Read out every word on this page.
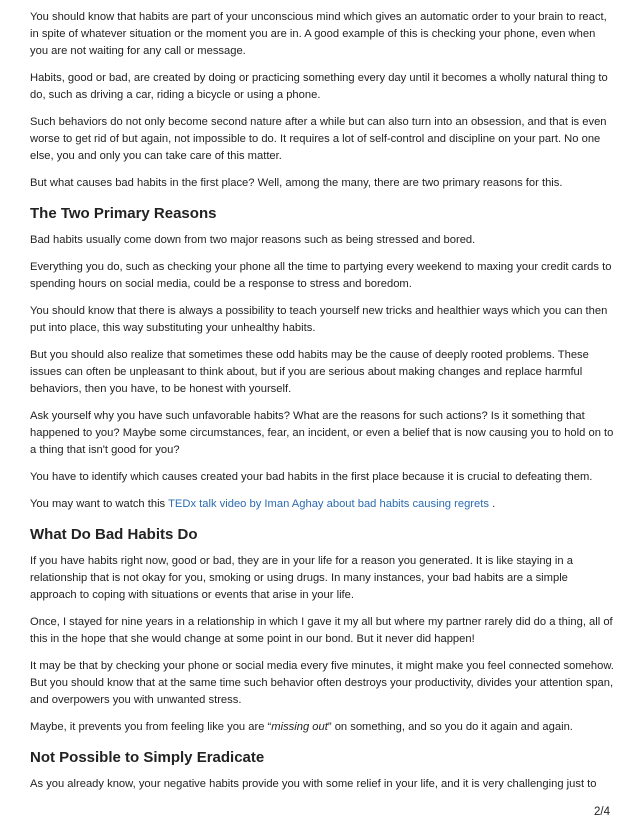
You should know that habits are part of your unconscious mind which gives an automatic order to your brain to react, in spite of whatever situation or the moment you are in. A good example of this is checking your phone, even when you are not waiting for any call or message.

Habits, good or bad, are created by doing or practicing something every day until it becomes a wholly natural thing to do, such as driving a car, riding a bicycle or using a phone.

Such behaviors do not only become second nature after a while but can also turn into an obsession, and that is even worse to get rid of but again, not impossible to do. It requires a lot of self-control and discipline on your part. No one else, you and only you can take care of this matter.

But what causes bad habits in the first place? Well, among the many, there are two primary reasons for this.

The Two Primary Reasons

Bad habits usually come down from two major reasons such as being stressed and bored.

Everything you do, such as checking your phone all the time to partying every weekend to maxing your credit cards to spending hours on social media, could be a response to stress and boredom.

You should know that there is always a possibility to teach yourself new tricks and healthier ways which you can then put into place, this way substituting your unhealthy habits.

But you should also realize that sometimes these odd habits may be the cause of deeply rooted problems. These issues can often be unpleasant to think about, but if you are serious about making changes and replace harmful behaviors, then you have, to be honest with yourself.

Ask yourself why you have such unfavorable habits? What are the reasons for such actions? Is it something that happened to you? Maybe some circumstances, fear, an incident, or even a belief that is now causing you to hold on to a thing that isn't good for you?

You have to identify which causes created your bad habits in the first place because it is crucial to defeating them.

You may want to watch this TEDx talk video by Iman Aghay about bad habits causing regrets .

What Do Bad Habits Do

If you have habits right now, good or bad, they are in your life for a reason you generated. It is like staying in a relationship that is not okay for you, smoking or using drugs. In many instances, your bad habits are a simple approach to coping with situations or events that arise in your life.

Once, I stayed for nine years in a relationship in which I gave it my all but where my partner rarely did do a thing, all of this in the hope that she would change at some point in our bond. But it never did happen!

It may be that by checking your phone or social media every five minutes, it might make you feel connected somehow. But you should know that at the same time such behavior often destroys your productivity, divides your attention span, and overpowers you with unwanted stress.

Maybe, it prevents you from feeling like you are “missing out” on something, and so you do it again and again.

Not Possible to Simply Eradicate

As you already know, your negative habits provide you with some relief in your life, and it is very challenging just to

2/4
